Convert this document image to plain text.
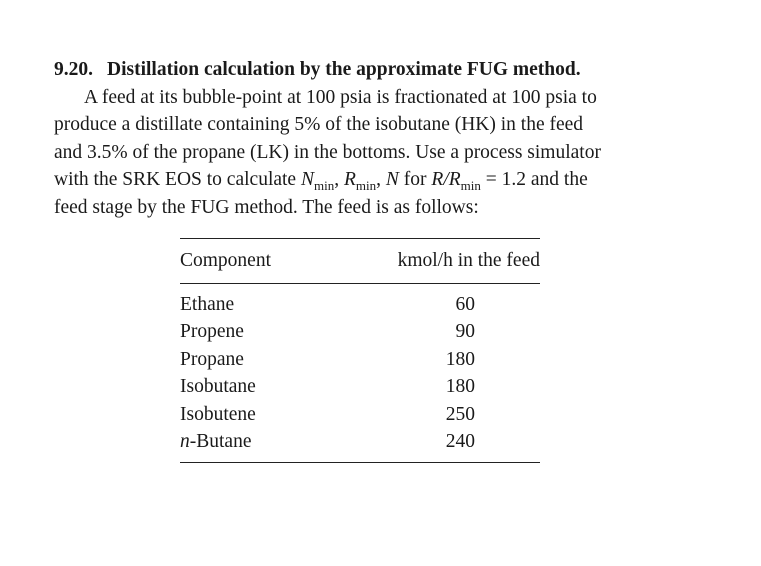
9.20. Distillation calculation by the approximate FUG method.

A feed at its bubble-point at 100 psia is fractionated at 100 psia to
produce a distillate containing 5% of the isobutane (HK) in the feed
and 3.5% of the propane (LK) in the bottoms. Use a process simulator
with the SRK EOS to calculate $N_{min}$, $R_{min}$, N for $R/R_{min} = 1.2$ and the
feed stage by the FUG method. The feed is as follows:

Component	kmol/h in the feed
Ethane	60
Propene	90
Propane	180
Isobutane	180
Isobutene	250
n-Butane	240
